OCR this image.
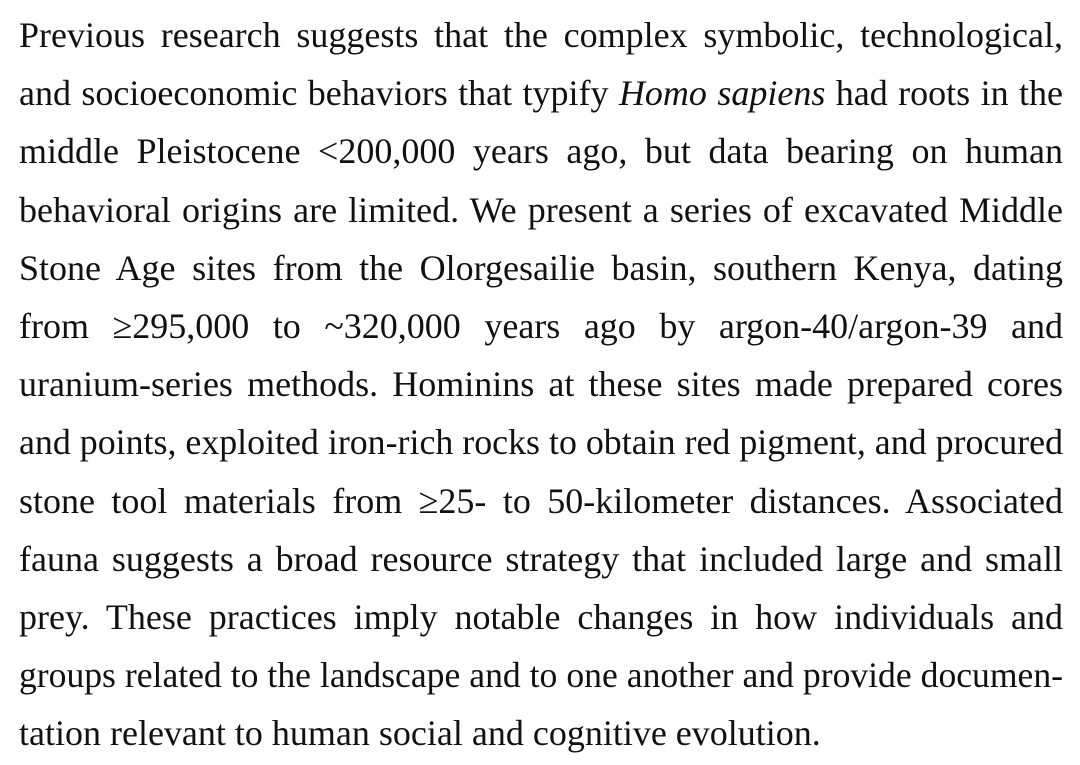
Previous research suggests that the complex symbolic, technological,
and socioeconomic behaviors that typify Homo sapiens had roots in the
middle Pleistocene <200,000 years ago, but data bearing on human
behavioral origins are limited. We present a series of excavated Middle
Stone Age sites from the Olorgesailie basin, southern Kenya, dating
from ≥295,000 to ~320,000 years ago by argon-40/argon-39 and
uranium-series methods. Hominins at these sites made prepared cores
and points, exploited iron-rich rocks to obtain red pigment, and procured
stone tool materials from ≥25- to 50-kilometer distances. Associated
fauna suggests a broad resource strategy that included large and small
prey. These practices imply notable changes in how individuals and
groups related to the landscape and to one another and provide documen-
tation relevant to human social and cognitive evolution.
